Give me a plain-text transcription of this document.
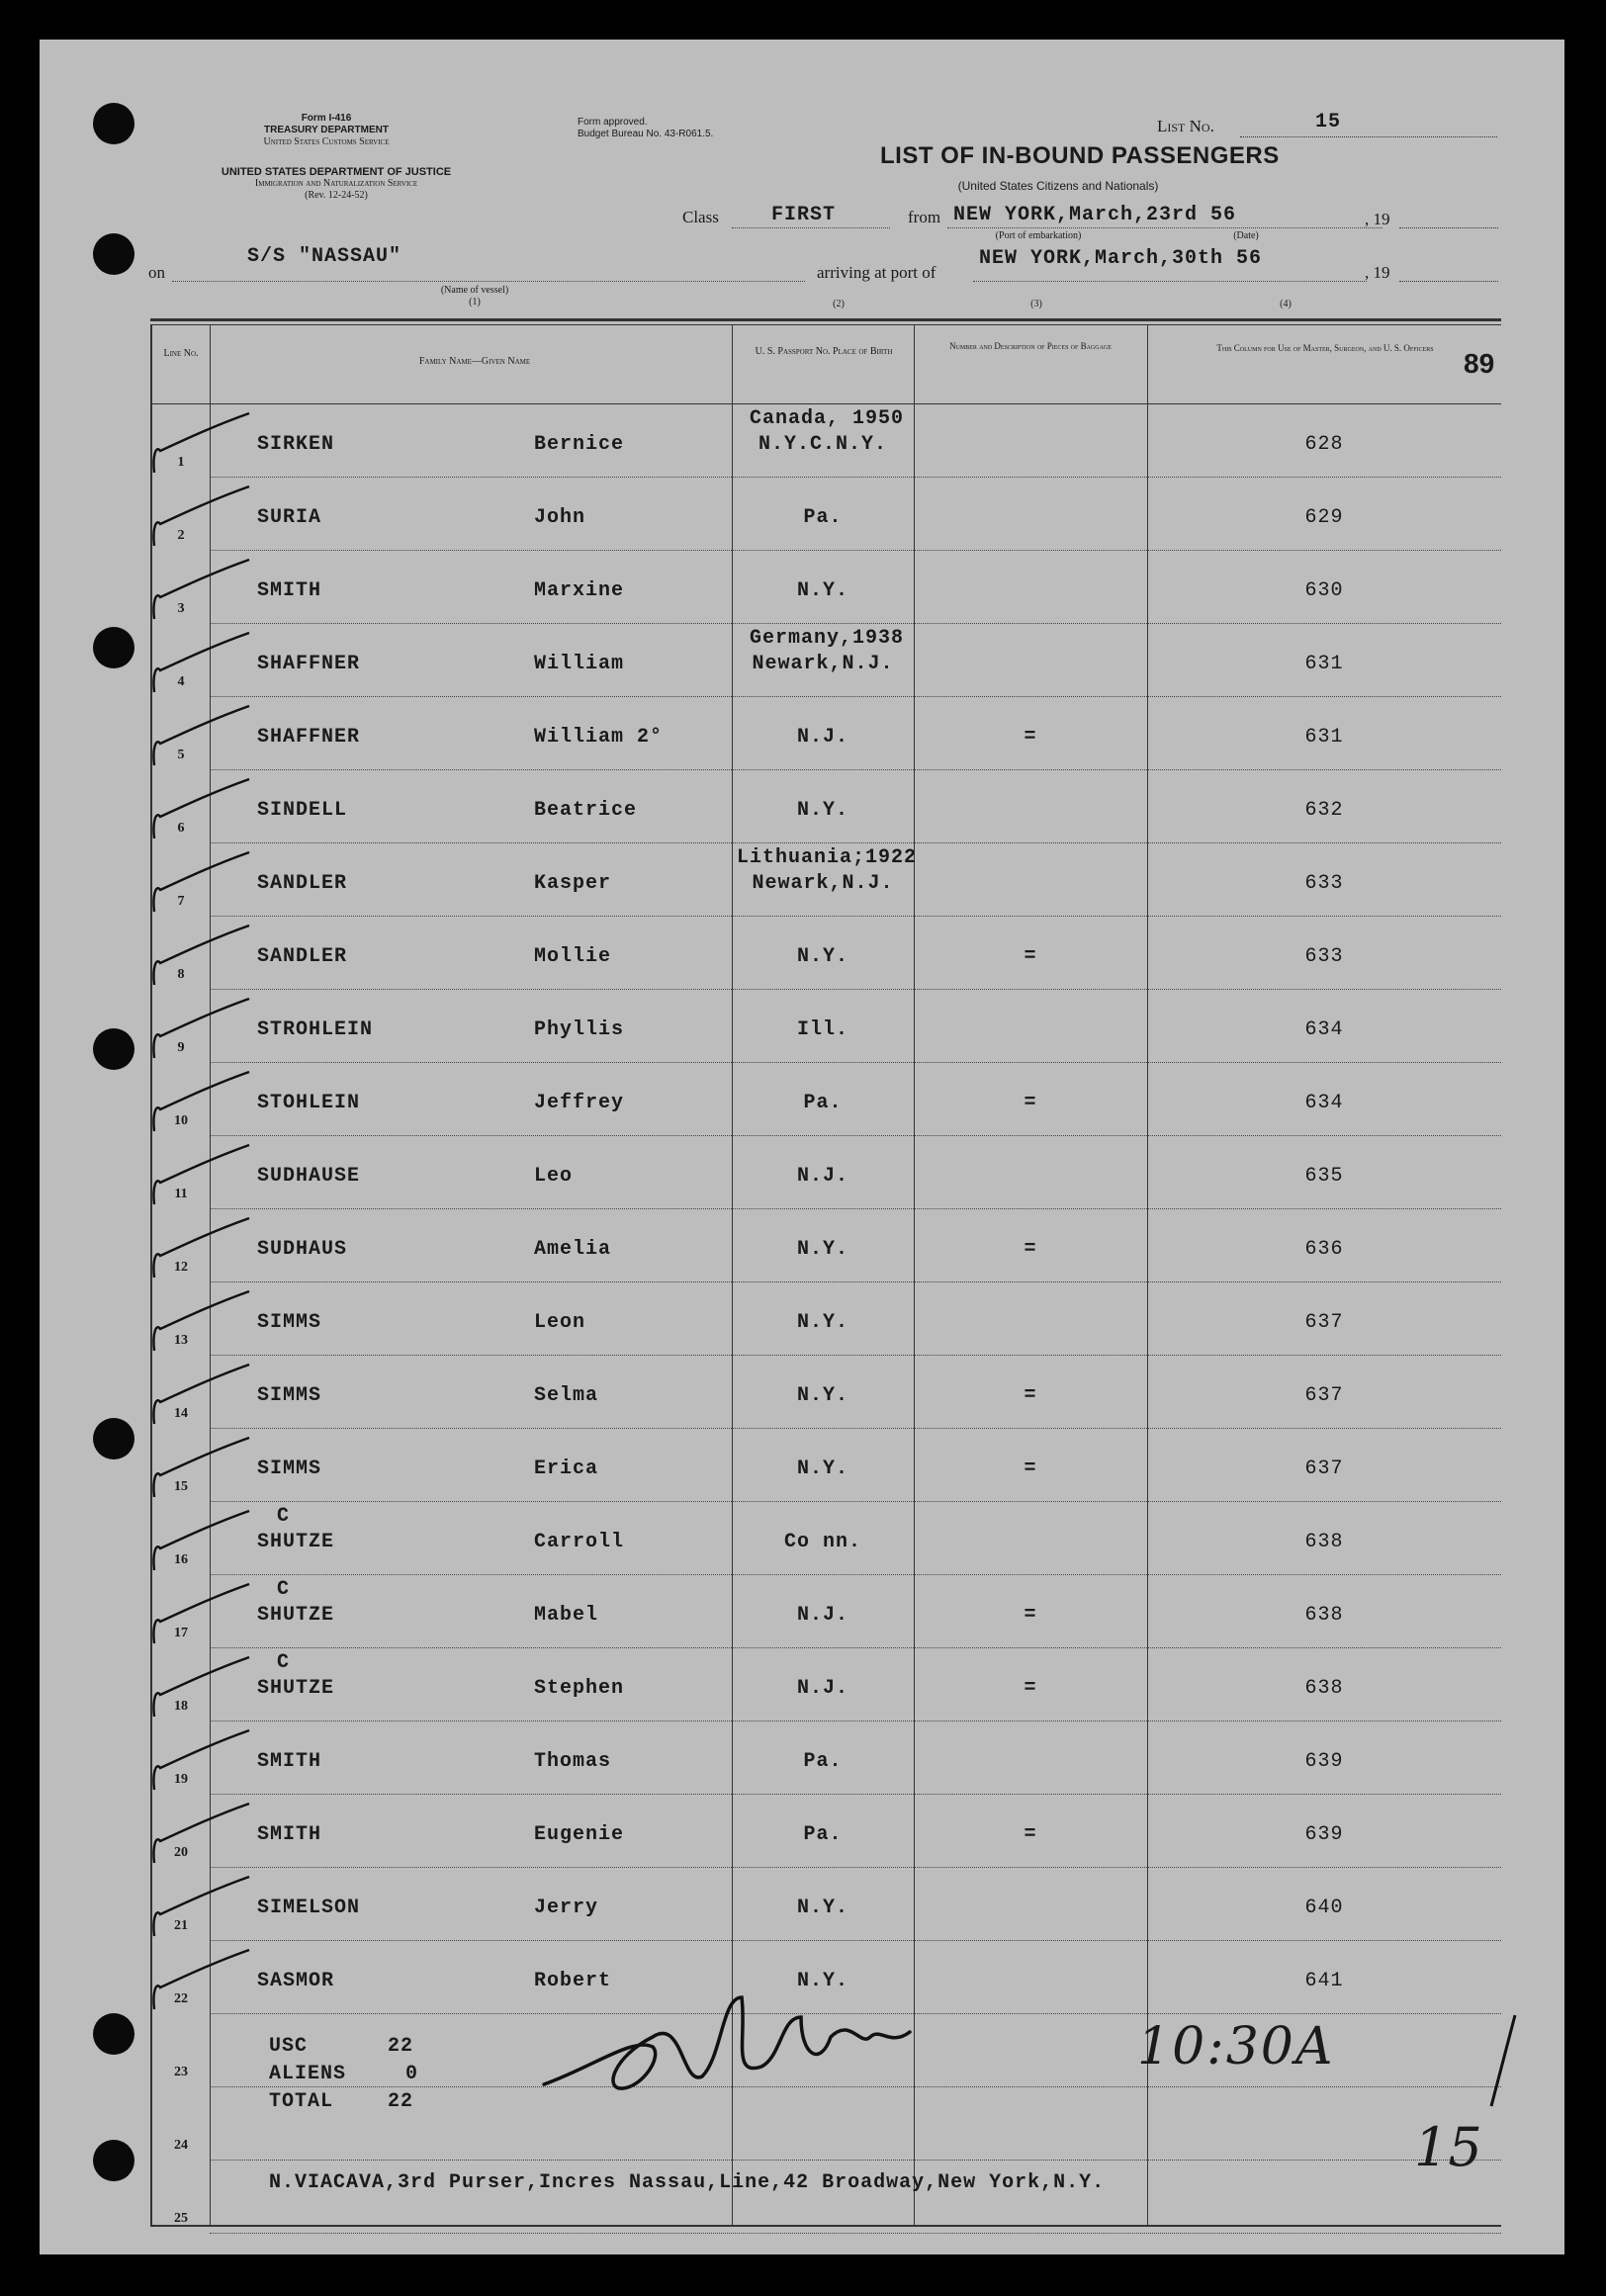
Form I-416
TREASURY DEPARTMENT
United States Customs Service
UNITED STATES DEPARTMENT OF JUSTICE
Immigration and Naturalization Service
(Rev. 12-24-52)
Form approved.
Budget Bureau No. 43-R061.5.	List No.	15
LIST OF IN-BOUND PASSENGERS
(United States Citizens and Nationals)
Class	FIRST	from NEW YORK,March,23rd 56	, 19
(Port of embarkation)	(Date)
on
S/S "NASSAU"
arriving at port of
NEW YORK,March,30th 56
, 19
(Name of vessel)
(1)	(2)	(3)	(4)
89
Line No.
Family Name—Given Name
U. S. Passport No. Place of Birth	Number and Description of Pieces of Baggage	This Column for Use of Master, Surgeon, and U. S. Officers
1
SIRKEN	Bernice
Canada, 1950
N.Y.C.N.Y.	628
2
SURIA	John	Pa.	629
3
SMITH	Marxine	N.Y.	630
4
SHAFFNER	William
Germany,1938
Newark,N.J.	631
5
SHAFFNER	William 2°	N.J.	=	631
6
SINDELL	Beatrice	N.Y.	632
7
SANDLER	Kasper
Lithuania;1922
Newark,N.J.	633
8
SANDLER	Mollie	N.Y.	=	633
9
STROHLEIN	Phyllis	Ill.	634
10
STOHLEIN	Jeffrey	Pa.	=	634
11
SUDHAUSE	Leo	N.J.	635
12
SUDHAUS	Amelia	N.Y.	=	636
13
SIMMS	Leon	N.Y.	637
14
SIMMS	Selma	N.Y.	=	637
15
SIMMS	Erica	N.Y.	=	637
16
C
SHUTZE	Carroll	Co nn.	638
17
C
SHUTZE	Mabel	N.J.	=	638
18
C
SHUTZE	Stephen	N.J.	=	638
19
SMITH	Thomas	Pa.	639
20
SMITH	Eugenie	Pa.	=	639
21
SIMELSON	Jerry	N.Y.	640
22
SASMOR	Robert	N.Y.	641
23
24
25
USC	22
ALIENS	0
TOTAL	22
N.VIACAVA,3rd Purser,Incres Nassau,Line,42 Broadway,New York,N.Y.
10:30A
15
